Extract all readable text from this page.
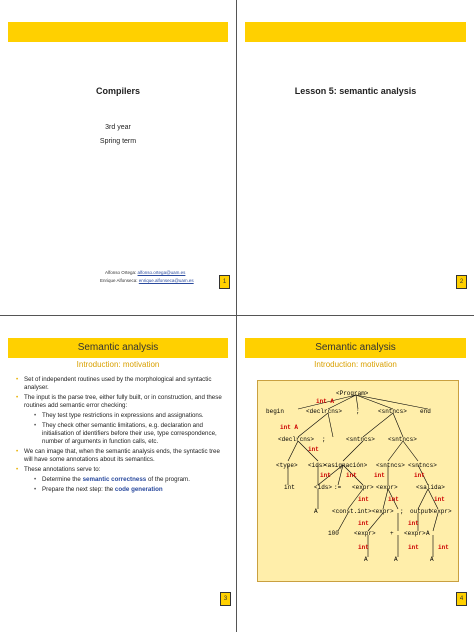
Compilers
3rd year
Spring term
Alfonso Ortega: alfonso.ortega@uam.es
Enrique Alfonseca: enrique.alfonseca@uam.es	1
Lesson 5: semantic analysis
2
Semantic analysis
Introduction: motivation
• Set of independent routines used by the morphological and syntactic analyser.
• The input is the parse tree, either fully built, or in construction, and these routines add semantic error checking:
• They test type restrictions in expressions and assignations.
• They check other semantic limitations, e.g. declaration and initialisation of identifiers before their use, type correspondence, number of arguments in function calls, etc.
• We can image that, when the semantic analysis ends, the syntactic tree will have some annotations about its semantics.
• These annotations serve to:
• Determine the semantic correctness of the program.
• Prepare the next step: the code generation
3
Semantic analysis
Introduction: motivation
<Program>
begin	<declrcns> ;	<sntncs> end
<declrcns> ;	<sntncs> <sntncs>
<type> <ids>
<asignación> <sntncs> <sntncs>
int	<ids> := <expr> <expr>	<salida>
A <const.int> <expr> ; output
<expr>
100	<expr> + <expr> A
A	A	A
int A
int A
int
int	int	int	int
int	int	int
int	int
int	int	int
4
